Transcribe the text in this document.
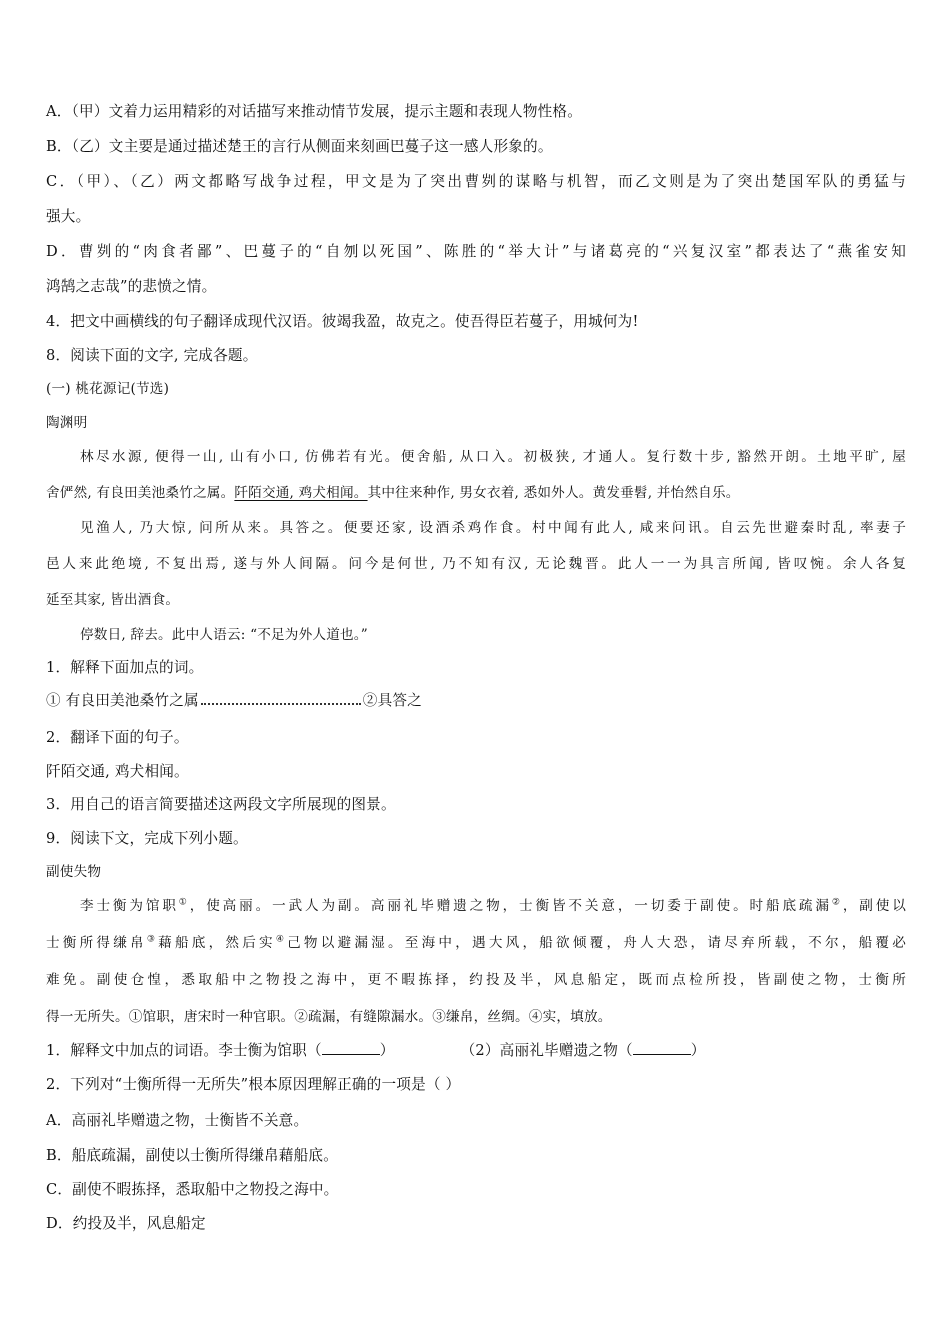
A．（甲）文着力运用精彩的对话描写来推动情节发展，提示主题和表现人物性格。
B．（乙）文主要是通过描述楚王的言行从侧面来刻画巴蔓子这一感人形象的。
C．（甲）、（乙）两文都略写战争过程，甲文是为了突出曹刿的谋略与机智，而乙文则是为了突出楚国军队的勇猛与
强大。
D．曹刿的“肉食者鄙”、巴蔓子的“自刎以死国”、陈胜的“举大计”与诸葛亮的“兴复汉室”都表达了“燕雀安知
鸿鹄之志哉”的悲愤之情。
4．把文中画横线的句子翻译成现代汉语。彼竭我盈，故克之。使吾得臣若蔓子，用城何为!
8．阅读下面的文字, 完成各题。
(一) 桃花源记(节选)
陶渊明
林尽水源, 便得一山, 山有小口, 仿佛若有光。便舍船, 从口入。初极狭, 才通人。复行数十步, 豁然开朗。土地平旷, 屋
舍俨然, 有良田美池桑竹之属。阡陌交通, 鸡犬相闻。其中往来种作, 男女衣着, 悉如外人。黄发垂髫, 并怡然自乐。
见渔人, 乃大惊, 问所从来。具答之。便要还家, 设酒杀鸡作食。村中闻有此人, 咸来问讯。自云先世避秦时乱, 率妻子
邑人来此绝境, 不复出焉, 遂与外人间隔。问今是何世, 乃不知有汉, 无论魏晋。此人一一为具言所闻, 皆叹惋。余人各复
延至其家, 皆出酒食。
停数日, 辞去。此中人语云: “不足为外人道也。”
1．解释下面加点的词。
① 有良田美池桑竹之属	②具答之
2．翻译下面的句子。
阡陌交通, 鸡犬相闻。
3．用自己的语言简要描述这两段文字所展现的图景。
9．阅读下文，完成下列小题。
副使失物
李士衡为馆职①，使高丽。一武人为副。高丽礼毕赠遗之物，士衡皆不关意，一切委于副使。时船底疏漏②，副使以
士衡所得缣帛③藉船底，然后实④己物以避漏湿。至海中，遇大风，船欲倾覆，舟人大恐，请尽弃所载，不尔，船覆必
难免。副使仓惶，悉取船中之物投之海中，更不暇拣择，约投及半，风息船定，既而点检所投，皆副使之物，士衡所
得一无所失。①馆职，唐宋时一种官职。②疏漏，有缝隙漏水。③缣帛，丝绸。④实，填放。
1．解释文中加点的词语。李士衡为馆职（	）	（2）高丽礼毕赠遗之物（	）
2．下列对“士衡所得一无所失”根本原因理解正确的一项是（ ）
A．高丽礼毕赠遗之物，士衡皆不关意。
B．船底疏漏，副使以士衡所得缣帛藉船底。
C．副使不暇拣择，悉取船中之物投之海中。
D．约投及半，风息船定
